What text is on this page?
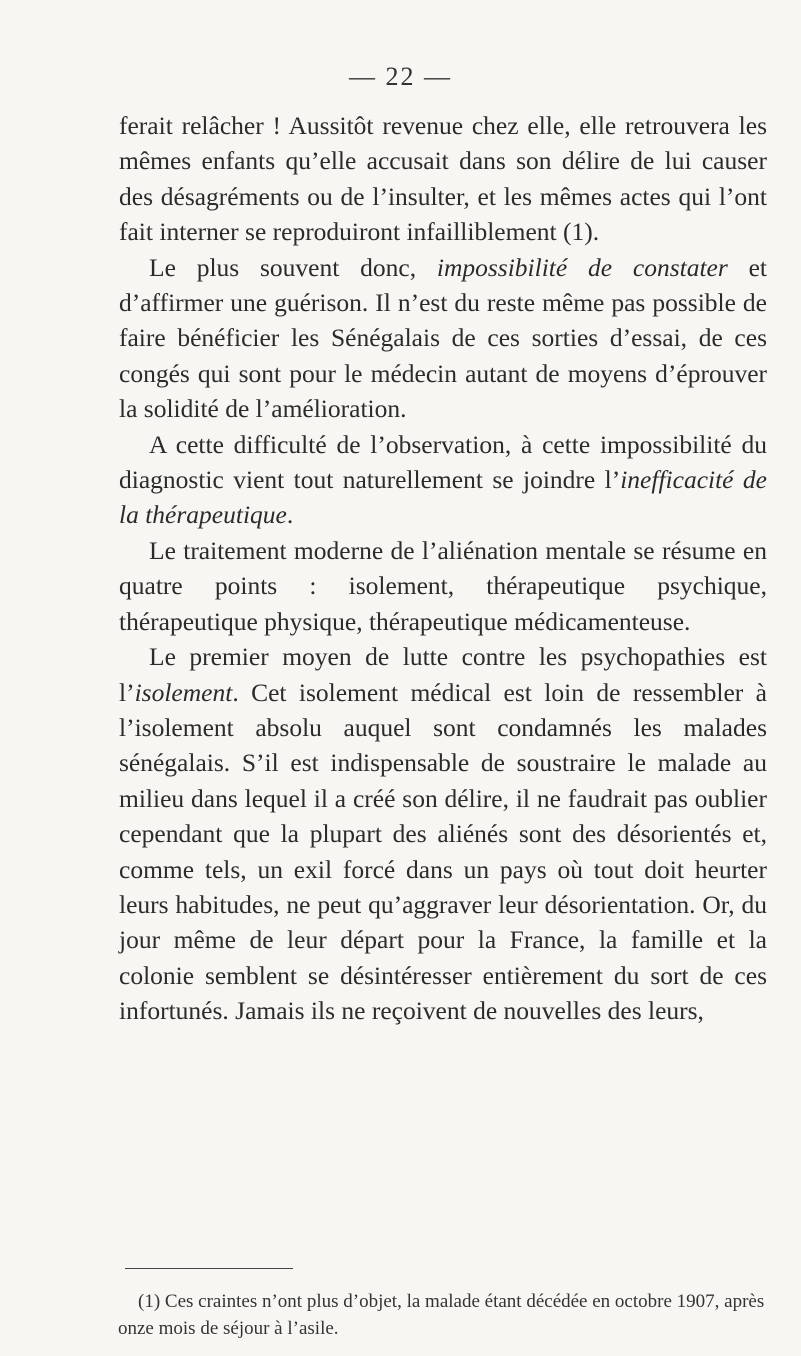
— 22 —

ferait relâcher ! Aussitôt revenue chez elle, elle retrouvera les mêmes enfants qu’elle accusait dans son délire de lui causer des désagréments ou de l’insulter, et les mêmes actes qui l’ont fait interner se reproduiront infailliblement (1).

Le plus souvent donc, impossibilité de constater et d’affirmer une guérison. Il n’est du reste même pas possible de faire bénéficier les Sénégalais de ces sorties d’essai, de ces congés qui sont pour le médecin autant de moyens d’éprouver la solidité de l’amélioration.

A cette difficulté de l’observation, à cette impossibilité du diagnostic vient tout naturellement se joindre l’inefficacité de la thérapeutique.

Le traitement moderne de l’aliénation mentale se résume en quatre points : isolement, thérapeutique psychique, thérapeutique physique, thérapeutique médicamenteuse.

Le premier moyen de lutte contre les psychopathies est l’isolement. Cet isolement médical est loin de ressembler à l’isolement absolu auquel sont condamnés les malades sénégalais. S’il est indispensable de soustraire le malade au milieu dans lequel il a créé son délire, il ne faudrait pas oublier cependant que la plupart des aliénés sont des désorientés et, comme tels, un exil forcé dans un pays où tout doit heurter leurs habitudes, ne peut qu’aggraver leur désorientation. Or, du jour même de leur départ pour la France, la famille et la colonie semblent se désintéresser entièrement du sort de ces infortunés. Jamais ils ne reçoivent de nouvelles des leurs,

(1) Ces craintes n’ont plus d’objet, la malade étant décédée en octobre 1907, après onze mois de séjour à l’asile.
